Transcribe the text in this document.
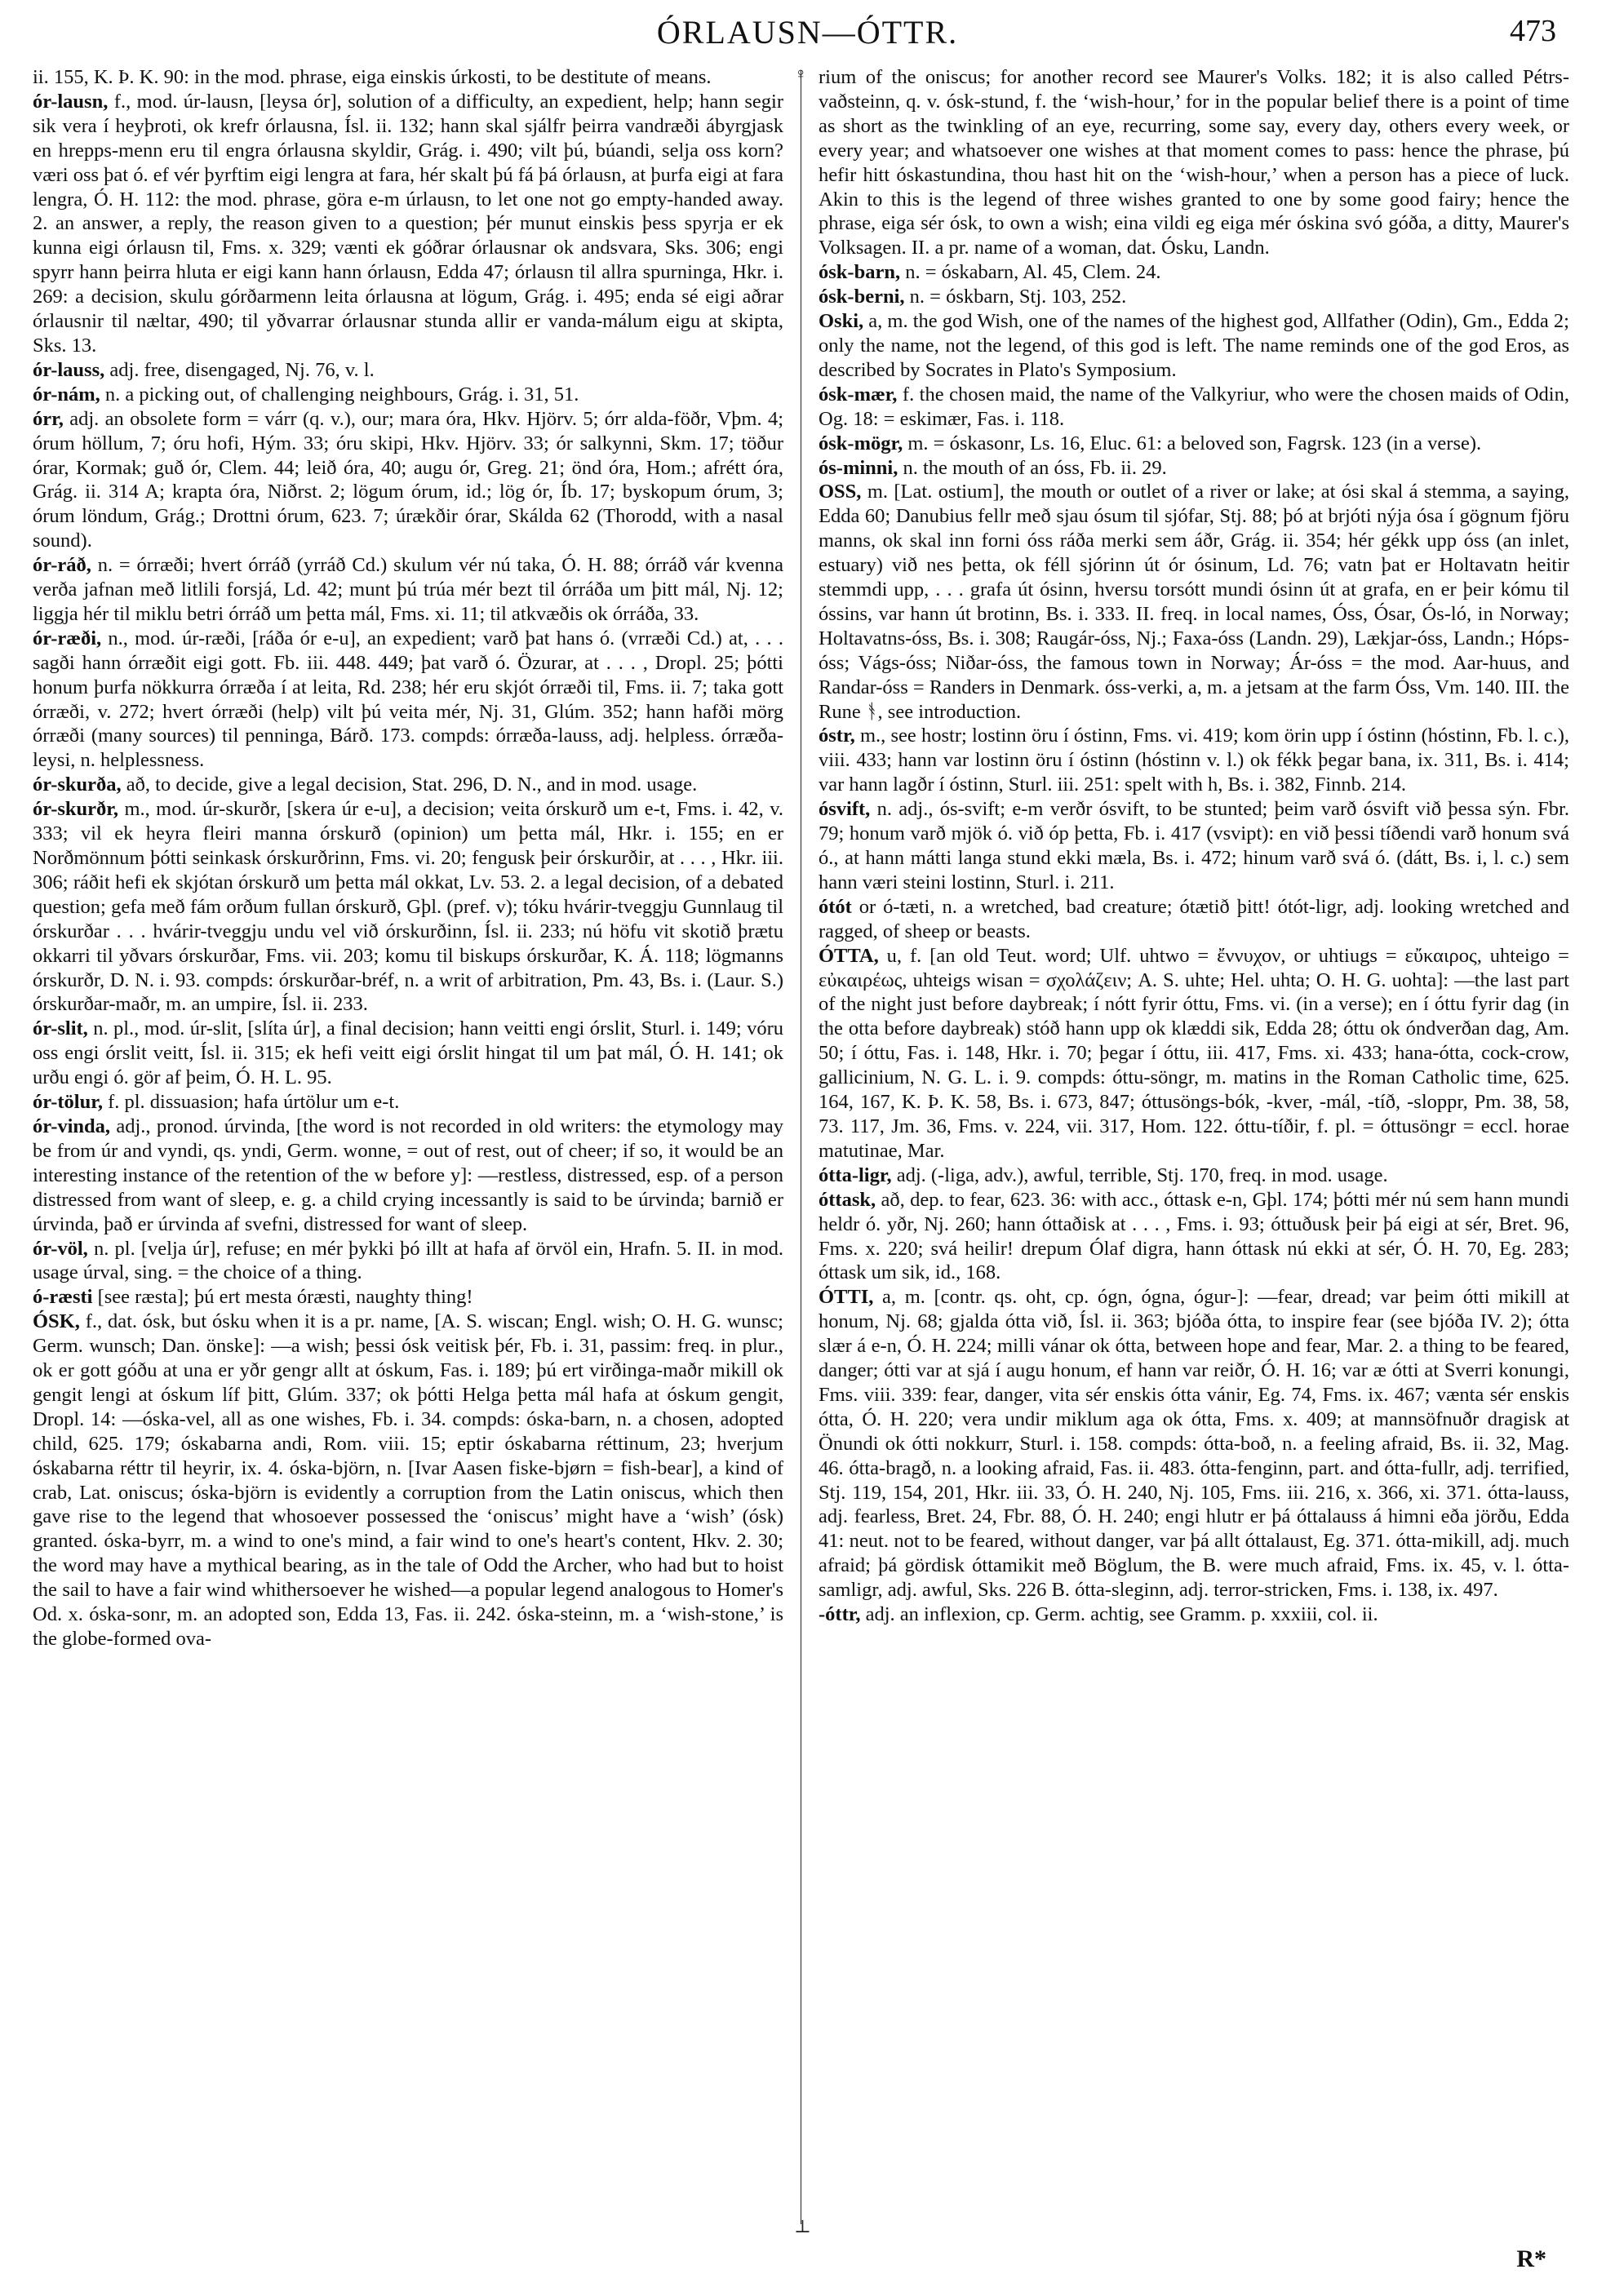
ÓRLAUSN—ÓTTR.	473
♀
⊥

ii. 155, K. Þ. K. 90: in the mod. phrase, eiga einskis úrkosti, to be destitute of means.

ór-lausn, f., mod. úr-lausn, [leysa ór], solution of a difficulty, an expedient, help; hann segir sik vera í heyþroti, ok krefr órlausna, Ísl. ii. 132; hann skal sjálfr þeirra vandræði ábyrgjask en hrepps-menn eru til engra órlausna skyldir, Grág. i. 490; vilt þú, búandi, selja oss korn? væri oss þat ó. ef vér þyrftim eigi lengra at fara, hér skalt þú fá þá órlausn, at þurfa eigi at fara lengra, Ó. H. 112: the mod. phrase, göra e-m úrlausn, to let one not go empty-handed away. 2. an answer, a reply, the reason given to a question; þér munut einskis þess spyrja er ek kunna eigi órlausn til, Fms. x. 329; vænti ek góðrar órlausnar ok andsvara, Sks. 306; engi spyrr hann þeirra hluta er eigi kann hann órlausn, Edda 47; órlausn til allra spurninga, Hkr. i. 269: a decision, skulu górðarmenn leita órlausna at lögum, Grág. i. 495; enda sé eigi aðrar órlausnir til næltar, 490; til yðvarrar órlausnar stunda allir er vanda-málum eigu at skipta, Sks. 13.

ór-lauss, adj. free, disengaged, Nj. 76, v. l.

ór-nám, n. a picking out, of challenging neighbours, Grág. i. 31, 51.

órr, adj. an obsolete form = várr (q. v.), our; mara óra, Hkv. Hjörv. 5; órr alda-föðr, Vþm. 4; órum höllum, 7; óru hofi, Hým. 33; óru skipi, Hkv. Hjörv. 33; ór salkynni, Skm. 17; töður órar, Kormak; guð ór, Clem. 44; leið óra, 40; augu ór, Greg. 21; önd óra, Hom.; afrétt óra, Grág. ii. 314 A; krapta óra, Niðrst. 2; lögum órum, id.; lög ór, Íb. 17; byskopum órum, 3; órum löndum, Grág.; Drottni órum, 623. 7; úrækðir órar, Skálda 62 (Thorodd, with a nasal sound).

ór-ráð, n. = órræði; hvert órráð (yrráð Cd.) skulum vér nú taka, Ó. H. 88; órráð vár kvenna verða jafnan með litlili forsjá, Ld. 42; munt þú trúa mér bezt til órráða um þitt mál, Nj. 12; liggja hér til miklu betri órráð um þetta mál, Fms. xi. 11; til atkvæðis ok órráða, 33.

ór-ræði, n., mod. úr-ræði, [ráða ór e-u], an expedient; varð þat hans ó. (vrræði Cd.) at, . . . sagði hann órræðit eigi gott. Fb. iii. 448. 449; þat varð ó. Özurar, at . . . , Dropl. 25; þótti honum þurfa nökkurra órræða í at leita, Rd. 238; hér eru skjót órræði til, Fms. ii. 7; taka gott órræði, v. 272; hvert órræði (help) vilt þú veita mér, Nj. 31, Glúm. 352; hann hafði mörg órræði (many sources) til penninga, Bárð. 173. compds: órræða-lauss, adj. helpless. órræða-leysi, n. helplessness.

ór-skurða, að, to decide, give a legal decision, Stat. 296, D. N., and in mod. usage.

ór-skurðr, m., mod. úr-skurðr, [skera úr e-u], a decision; veita órskurð um e-t, Fms. i. 42, v. 333; vil ek heyra fleiri manna órskurð (opinion) um þetta mál, Hkr. i. 155; en er Norðmönnum þótti seinkask órskurðrinn, Fms. vi. 20; fengusk þeir órskurðir, at . . . , Hkr. iii. 306; ráðit hefi ek skjótan órskurð um þetta mál okkat, Lv. 53. 2. a legal decision, of a debated question; gefa með fám orðum fullan órskurð, Gþl. (pref. v); tóku hvárir-tveggju Gunnlaug til órskurðar . . . hvárir-tveggju undu vel við órskurðinn, Ísl. ii. 233; nú höfu vit skotið þrætu okkarri til yðvars órskurðar, Fms. vii. 203; komu til biskups órskurðar, K. Á. 118; lögmanns órskurðr, D. N. i. 93. compds: órskurðar-bréf, n. a writ of arbitration, Pm. 43, Bs. i. (Laur. S.) órskurðar-maðr, m. an umpire, Ísl. ii. 233.

ór-slit, n. pl., mod. úr-slit, [slíta úr], a final decision; hann veitti engi órslit, Sturl. i. 149; vóru oss engi órslit veitt, Ísl. ii. 315; ek hefi veitt eigi órslit hingat til um þat mál, Ó. H. 141; ok urðu engi ó. gör af þeim, Ó. H. L. 95.

ór-tölur, f. pl. dissuasion; hafa úrtölur um e-t.

ór-vinda, adj., pronod. úrvinda, [the word is not recorded in old writers: the etymology may be from úr and vyndi, qs. yndi, Germ. wonne, = out of rest, out of cheer; if so, it would be an interesting instance of the retention of the w before y]: —restless, distressed, esp. of a person distressed from want of sleep, e. g. a child crying incessantly is said to be úrvinda; barnið er úrvinda, það er úrvinda af svefni, distressed for want of sleep.

ór-völ, n. pl. [velja úr], refuse; en mér þykki þó illt at hafa af örvöl ein, Hrafn. 5. II. in mod. usage úrval, sing. = the choice of a thing.

ó-ræsti [see ræsta]; þú ert mesta óræsti, naughty thing!

ÓSK, f., dat. ósk, but ósku when it is a pr. name, [A. S. wiscan; Engl. wish; O. H. G. wunsc; Germ. wunsch; Dan. önske]: —a wish; þessi ósk veitisk þér, Fb. i. 31, passim: freq. in plur., ok er gott góðu at una er yðr gengr allt at óskum, Fas. i. 189; þú ert virðinga-maðr mikill ok gengit lengi at óskum líf þitt, Glúm. 337; ok þótti Helga þetta mál hafa at óskum gengit, Dropl. 14: —óska-vel, all as one wishes, Fb. i. 34. compds: óska-barn, n. a chosen, adopted child, 625. 179; óskabarna andi, Rom. viii. 15; eptir óskabarna réttinum, 23; hverjum óskabarna réttr til heyrir, ix. 4. óska-björn, n. [Ivar Aasen fiske-bjørn = fish-bear], a kind of crab, Lat. oniscus; óska-björn is evidently a corruption from the Latin oniscus, which then gave rise to the legend that whosoever possessed the ‘oniscus’ might have a ‘wish’ (ósk) granted. óska-byrr, m. a wind to one's mind, a fair wind to one's heart's content, Hkv. 2. 30; the word may have a mythical bearing, as in the tale of Odd the Archer, who had but to hoist the sail to have a fair wind whithersoever he wished—a popular legend analogous to Homer's Od. x. óska-sonr, m. an adopted son, Edda 13, Fas. ii. 242. óska-steinn, m. a ‘wish-stone,’ is the globe-formed ova-

rium of the oniscus; for another record see Maurer's Volks. 182; it is also called Pétrs-vaðsteinn, q. v. ósk-stund, f. the ‘wish-hour,’ for in the popular belief there is a point of time as short as the twinkling of an eye, recurring, some say, every day, others every week, or every year; and whatsoever one wishes at that moment comes to pass: hence the phrase, þú hefir hitt óskastundina, thou hast hit on the ‘wish-hour,’ when a person has a piece of luck. Akin to this is the legend of three wishes granted to one by some good fairy; hence the phrase, eiga sér ósk, to own a wish; eina vildi eg eiga mér óskina svó góða, a ditty, Maurer's Volksagen. II. a pr. name of a woman, dat. Ósku, Landn.

ósk-barn, n. = óskabarn, Al. 45, Clem. 24.

ósk-berni, n. = óskbarn, Stj. 103, 252.

Oski, a, m. the god Wish, one of the names of the highest god, Allfather (Odin), Gm., Edda 2; only the name, not the legend, of this god is left. The name reminds one of the god Eros, as described by Socrates in Plato's Symposium.

ósk-mær, f. the chosen maid, the name of the Valkyriur, who were the chosen maids of Odin, Og. 18: = eskimær, Fas. i. 118.

ósk-mögr, m. = óskasonr, Ls. 16, Eluc. 61: a beloved son, Fagrsk. 123 (in a verse).

ós-minni, n. the mouth of an óss, Fb. ii. 29.

OSS, m. [Lat. ostium], the mouth or outlet of a river or lake; at ósi skal á stemma, a saying, Edda 60; Danubius fellr með sjau ósum til sjófar, Stj. 88; þó at brjóti nýja ósa í gögnum fjöru manns, ok skal inn forni óss ráða merki sem áðr, Grág. ii. 354; hér gékk upp óss (an inlet, estuary) við nes þetta, ok féll sjórinn út ór ósinum, Ld. 76; vatn þat er Holtavatn heitir stemmdi upp, . . . grafa út ósinn, hversu torsótt mundi ósinn út at grafa, en er þeir kómu til óssins, var hann út brotinn, Bs. i. 333. II. freq. in local names, Óss, Ósar, Ós-ló, in Norway; Holtavatns-óss, Bs. i. 308; Raugár-óss, Nj.; Faxa-óss (Landn. 29), Lækjar-óss, Landn.; Hóps-óss; Vágs-óss; Niðar-óss, the famous town in Norway; Ár-óss = the mod. Aar-huus, and Randar-óss = Randers in Denmark. óss-verki, a, m. a jetsam at the farm Óss, Vm. 140. III. the Rune ᚬ, see introduction.

óstr, m., see hostr; lostinn öru í óstinn, Fms. vi. 419; kom örin upp í óstinn (hóstinn, Fb. l. c.), viii. 433; hann var lostinn öru í óstinn (hóstinn v. l.) ok fékk þegar bana, ix. 311, Bs. i. 414; var hann lagðr í óstinn, Sturl. iii. 251: spelt with h, Bs. i. 382, Finnb. 214.

ósvift, n. adj., ós-svift; e-m verðr ósvift, to be stunted; þeim varð ósvift við þessa sýn. Fbr. 79; honum varð mjök ó. við óp þetta, Fb. i. 417 (vsvipt): en við þessi tíðendi varð honum svá ó., at hann mátti langa stund ekki mæla, Bs. i. 472; hinum varð svá ó. (dátt, Bs. i, l. c.) sem hann væri steini lostinn, Sturl. i. 211.

ótót or ó-tæti, n. a wretched, bad creature; ótætið þitt! ótót-ligr, adj. looking wretched and ragged, of sheep or beasts.

ÓTTA, u, f. [an old Teut. word; Ulf. uhtwo = ἔννυχον, or uhtiugs = εὔκαιρος, uhteigo = εὐκαιρέως, uhteigs wisan = σχολάζειν; A. S. uhte; Hel. uhta; O. H. G. uohta]: —the last part of the night just before daybreak; í nótt fyrir óttu, Fms. vi. (in a verse); en í óttu fyrir dag (in the otta before daybreak) stóð hann upp ok klæddi sik, Edda 28; óttu ok óndverðan dag, Am. 50; í óttu, Fas. i. 148, Hkr. i. 70; þegar í óttu, iii. 417, Fms. xi. 433; hana-ótta, cock-crow, gallicinium, N. G. L. i. 9. compds: óttu-söngr, m. matins in the Roman Catholic time, 625. 164, 167, K. Þ. K. 58, Bs. i. 673, 847; óttusöngs-bók, -kver, -mál, -tíð, -sloppr, Pm. 38, 58, 73. 117, Jm. 36, Fms. v. 224, vii. 317, Hom. 122. óttu-tíðir, f. pl. = óttusöngr = eccl. horae matutinae, Mar.

ótta-ligr, adj. (-liga, adv.), awful, terrible, Stj. 170, freq. in mod. usage.

óttask, að, dep. to fear, 623. 36: with acc., óttask e-n, Gþl. 174; þótti mér nú sem hann mundi heldr ó. yðr, Nj. 260; hann óttaðisk at . . . , Fms. i. 93; óttuðusk þeir þá eigi at sér, Bret. 96, Fms. x. 220; svá heilir! drepum Ólaf digra, hann óttask nú ekki at sér, Ó. H. 70, Eg. 283; óttask um sik, id., 168.

ÓTTI, a, m. [contr. qs. oht, cp. ógn, ógna, ógur-]: —fear, dread; var þeim ótti mikill at honum, Nj. 68; gjalda ótta við, Ísl. ii. 363; bjóða ótta, to inspire fear (see bjóða IV. 2); ótta slær á e-n, Ó. H. 224; milli vánar ok ótta, between hope and fear, Mar. 2. a thing to be feared, danger; ótti var at sjá í augu honum, ef hann var reiðr, Ó. H. 16; var æ ótti at Sverri konungi, Fms. viii. 339: fear, danger, vita sér enskis ótta vánir, Eg. 74, Fms. ix. 467; vænta sér enskis ótta, Ó. H. 220; vera undir miklum aga ok ótta, Fms. x. 409; at mannsöfnuðr dragisk at Önundi ok ótti nokkurr, Sturl. i. 158. compds: ótta-boð, n. a feeling afraid, Bs. ii. 32, Mag. 46. ótta-bragð, n. a looking afraid, Fas. ii. 483. ótta-fenginn, part. and ótta-fullr, adj. terrified, Stj. 119, 154, 201, Hkr. iii. 33, Ó. H. 240, Nj. 105, Fms. iii. 216, x. 366, xi. 371. ótta-lauss, adj. fearless, Bret. 24, Fbr. 88, Ó. H. 240; engi hlutr er þá óttalauss á himni eða jörðu, Edda 41: neut. not to be feared, without danger, var þá allt óttalaust, Eg. 371. ótta-mikill, adj. much afraid; þá gördisk óttamikit með Böglum, the B. were much afraid, Fms. ix. 45, v. l. ótta-samligr, adj. awful, Sks. 226 B. ótta-sleginn, adj. terror-stricken, Fms. i. 138, ix. 497.

-óttr, adj. an inflexion, cp. Germ. achtig, see Gramm. p. xxxiii, col. ii.

R*
